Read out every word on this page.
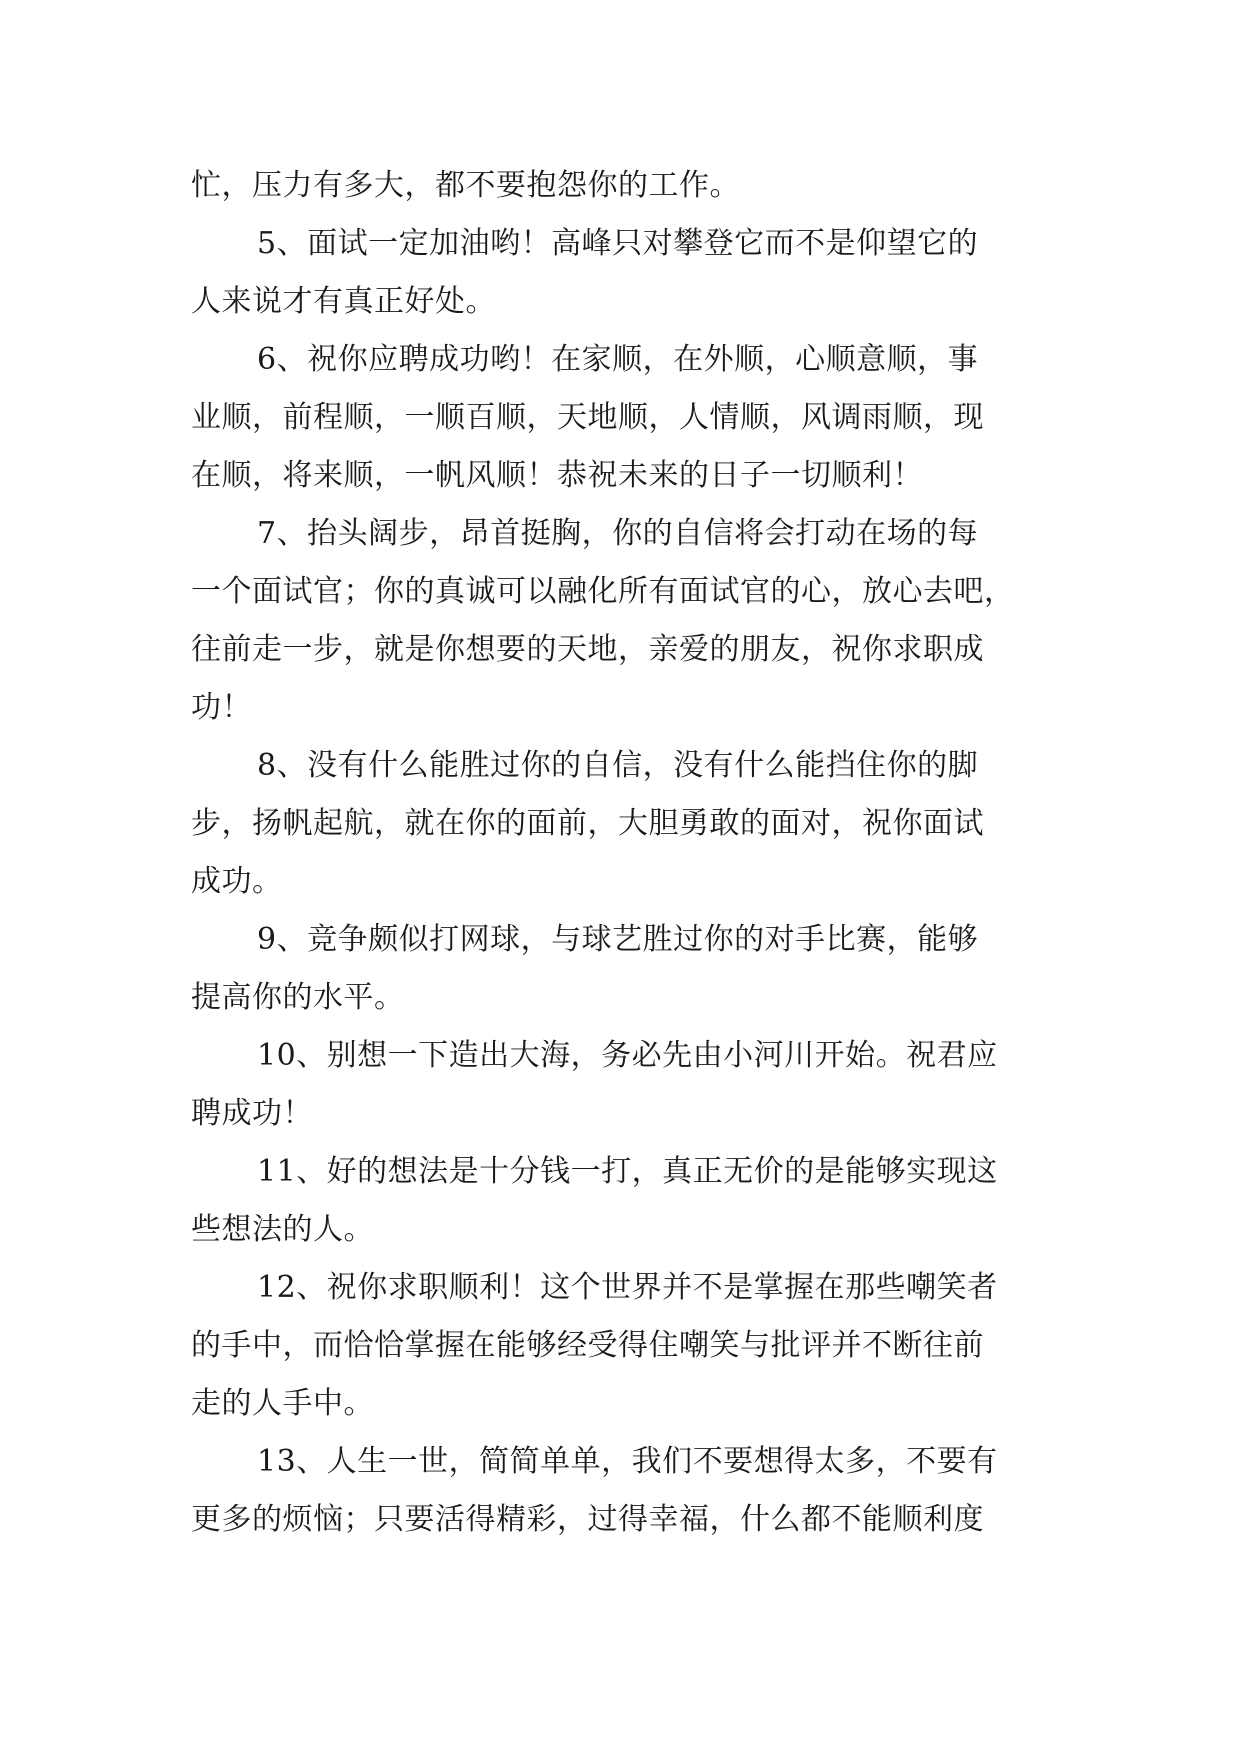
忙，压力有多大，都不要抱怨你的工作。
5、面试一定加油哟！高峰只对攀登它而不是仰望它的
人来说才有真正好处。
6、祝你应聘成功哟！在家顺，在外顺，心顺意顺，事
业顺，前程顺，一顺百顺，天地顺，人情顺，风调雨顺，现
在顺，将来顺，一帆风顺！恭祝未来的日子一切顺利！
7、抬头阔步，昂首挺胸，你的自信将会打动在场的每
一个面试官；你的真诚可以融化所有面试官的心，放心去吧，
往前走一步，就是你想要的天地，亲爱的朋友，祝你求职成
功！
8、没有什么能胜过你的自信，没有什么能挡住你的脚
步，扬帆起航，就在你的面前，大胆勇敢的面对，祝你面试
成功。
9、竞争颇似打网球，与球艺胜过你的对手比赛，能够
提高你的水平。
10、别想一下造出大海，务必先由小河川开始。祝君应
聘成功！
11、好的想法是十分钱一打，真正无价的是能够实现这
些想法的人。
12、祝你求职顺利！这个世界并不是掌握在那些嘲笑者
的手中，而恰恰掌握在能够经受得住嘲笑与批评并不断往前
走的人手中。
13、人生一世，简简单单，我们不要想得太多，不要有
更多的烦恼；只要活得精彩，过得幸福，什么都不能顺利度
